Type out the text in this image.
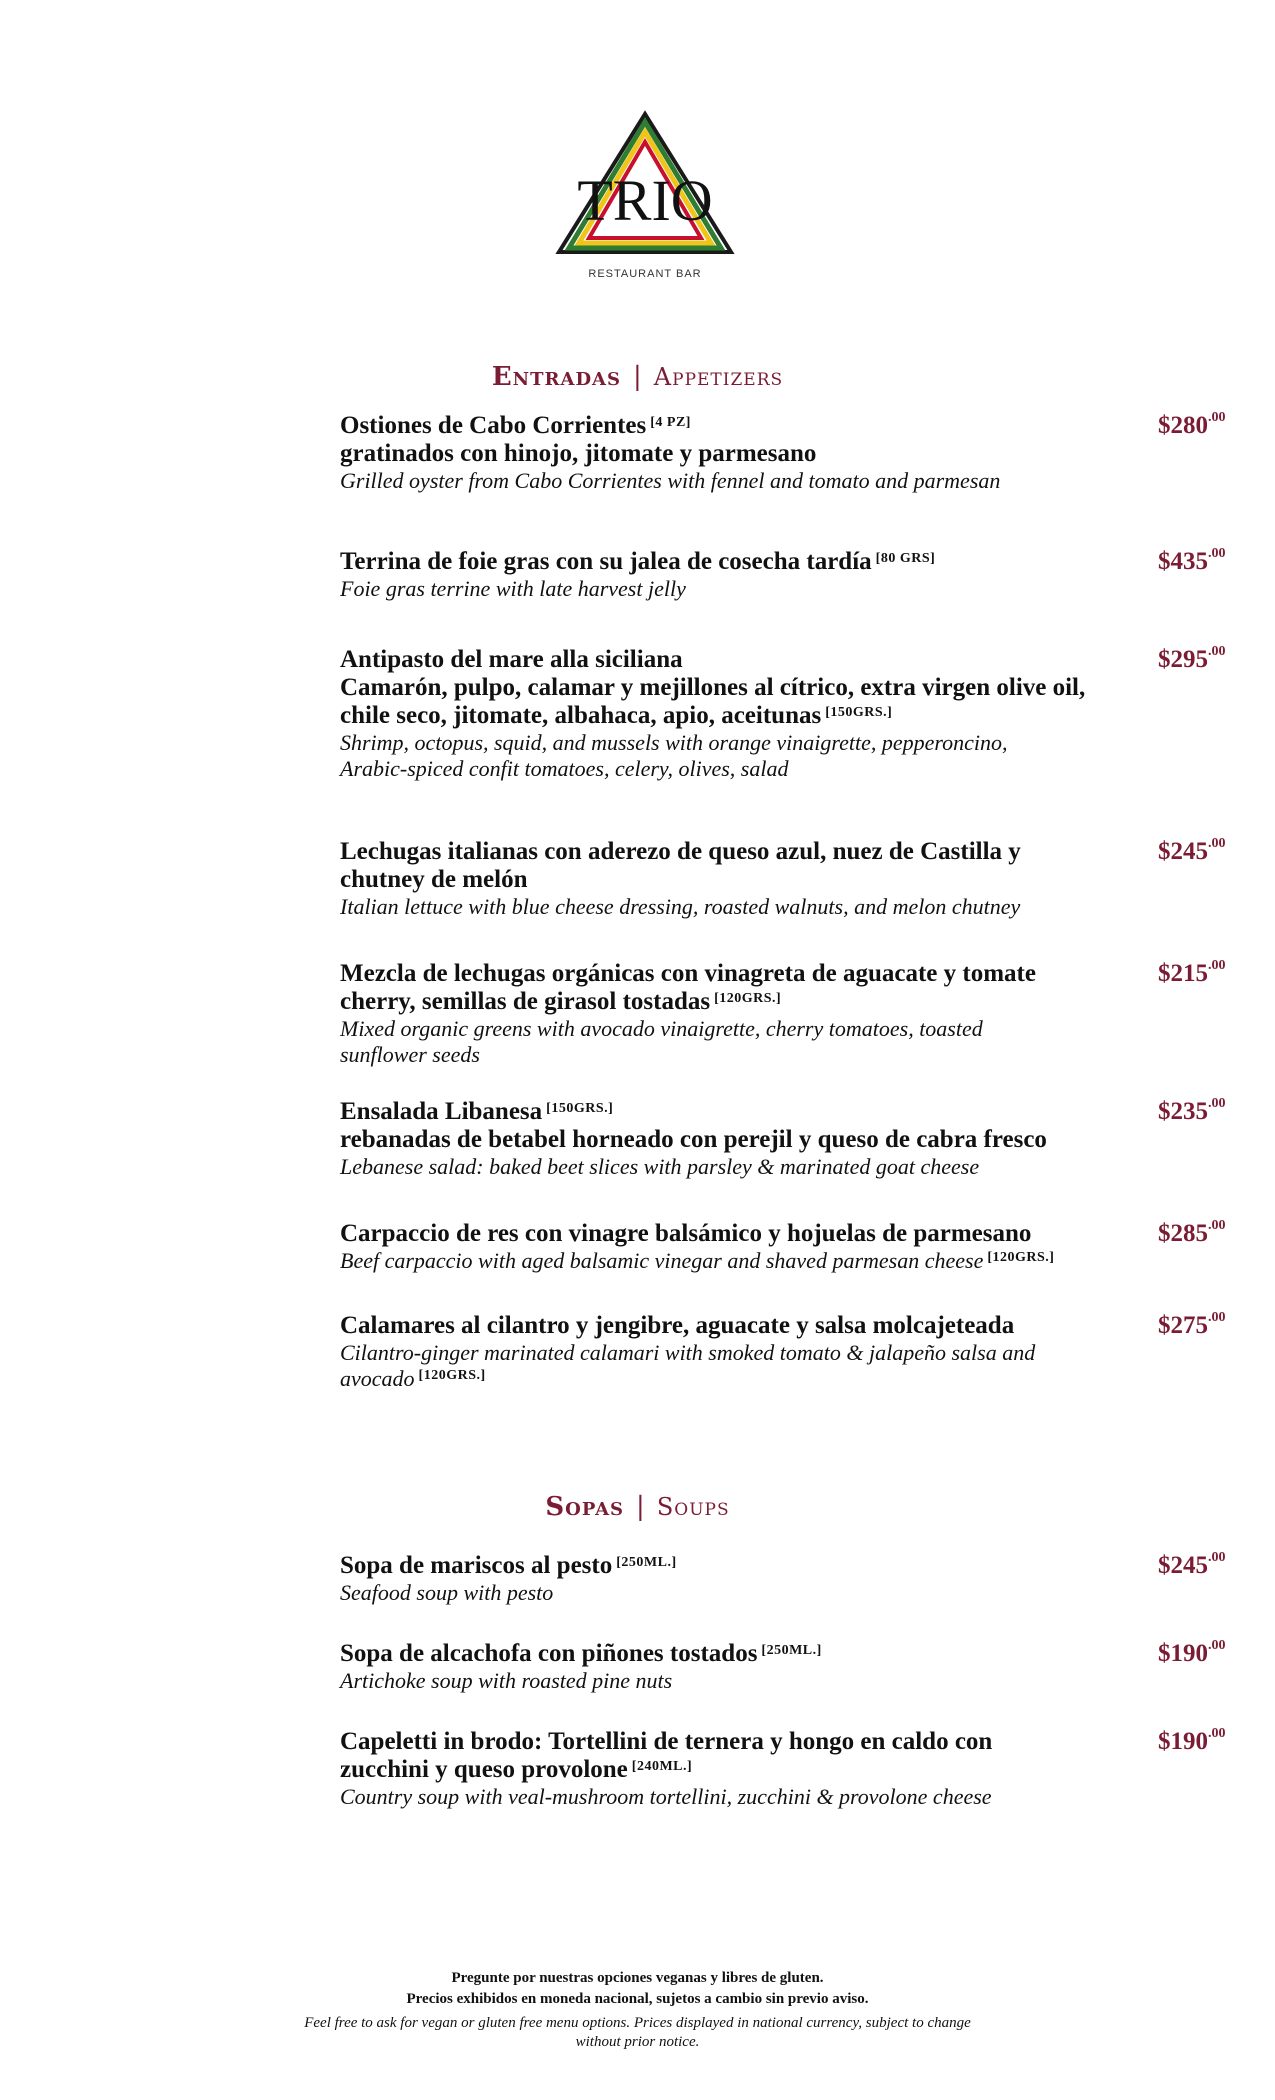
TRIO
RESTAURANT BAR
Entradas | Appetizers
Ostiones de Cabo Corrientes [4 PZ]
gratinados con hinojo, jitomate y parmesano
Grilled oyster from Cabo Corrientes with fennel and tomato and parmesan
$\$280^{.00}$
Terrina de foie gras con su jalea de cosecha tardía [80 GRS]
Foie gras terrine with late harvest jelly
$\$435^{.00}$
Antipasto del mare alla siciliana
Camarón, pulpo, calamar y mejillones al cítrico, extra virgen olive oil,
chile seco, jitomate, albahaca, apio, aceitunas [150GRS.]
Shrimp, octopus, squid, and mussels with orange vinaigrette, pepperoncino,
Arabic-spiced confit tomatoes, celery, olives, salad
$\$295^{.00}$
Lechugas italianas con aderezo de queso azul, nuez de Castilla y
chutney de melón
Italian lettuce with blue cheese dressing, roasted walnuts, and melon chutney
$\$245^{.00}$
Mezcla de lechugas orgánicas con vinagreta de aguacate y tomate
cherry, semillas de girasol tostadas [120GRS.]
Mixed organic greens with avocado vinaigrette, cherry tomatoes, toasted
sunflower seeds
$\$215^{.00}$
Ensalada Libanesa [150GRS.]
rebanadas de betabel horneado con perejil y queso de cabra fresco
Lebanese salad: baked beet slices with parsley & marinated goat cheese
$\$235^{.00}$
Carpaccio de res con vinagre balsámico y hojuelas de parmesano
Beef carpaccio with aged balsamic vinegar and shaved parmesan cheese [120GRS.]
$\$285^{.00}$
Calamares al cilantro y jengibre, aguacate y salsa molcajeteada
Cilantro-ginger marinated calamari with smoked tomato & jalapeño salsa and
avocado [120GRS.]
$\$275^{.00}$
Sopas | Soups
Sopa de mariscos al pesto [250ML.]
Seafood soup with pesto
$\$245^{.00}$
Sopa de alcachofa con piñones tostados [250ML.]
Artichoke soup with roasted pine nuts
$\$190^{.00}$
Capeletti in brodo: Tortellini de ternera y hongo en caldo con
zucchini y queso provolone [240ML.]
Country soup with veal-mushroom tortellini, zucchini & provolone cheese
$\$190^{.00}$
Pregunte por nuestras opciones veganas y libres de gluten.
Precios exhibidos en moneda nacional, sujetos a cambio sin previo aviso.
Feel free to ask for vegan or gluten free menu options. Prices displayed in national currency, subject to change
without prior notice.
